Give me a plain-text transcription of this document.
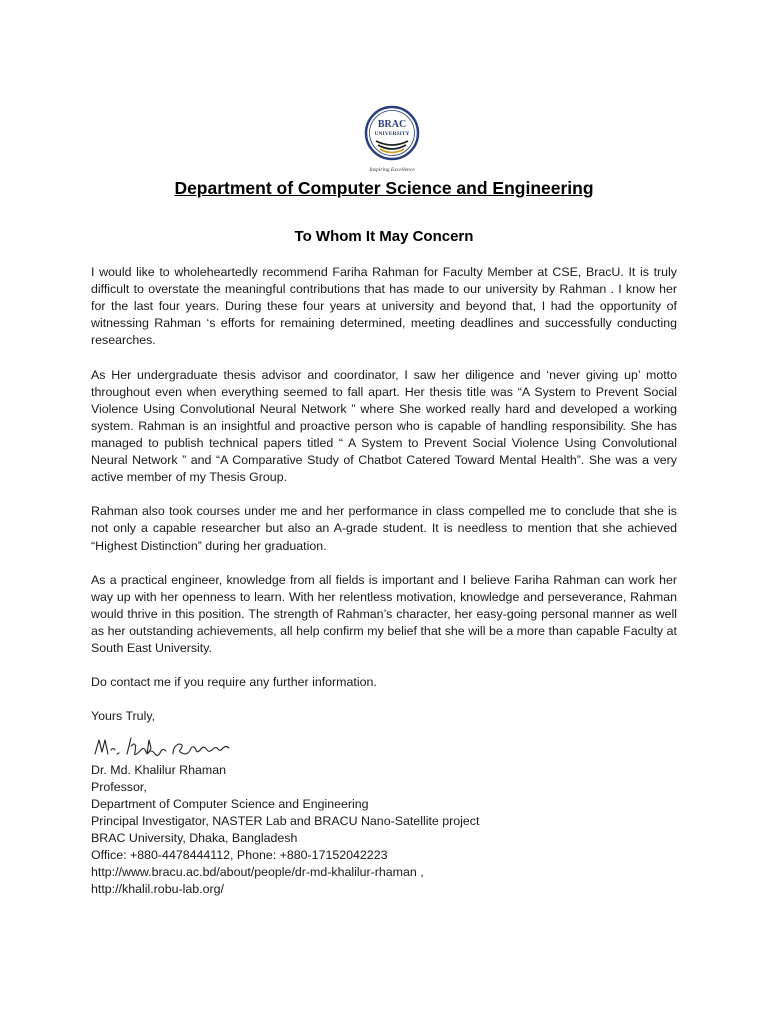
BRAC
UNIVERSITY
Inspiring Excellence
Department of Computer Science and Engineering
To Whom It May Concern

I would like to wholeheartedly recommend Fariha Rahman for Faculty Member at CSE, BracU. It is truly difficult to overstate the meaningful contributions that has made to our university by Rahman . I know her for the last four years. During these four years at university and beyond that, I had the opportunity of witnessing Rahman ‘s efforts for remaining determined, meeting deadlines and successfully conducting researches.

As Her undergraduate thesis advisor and coordinator, I saw her diligence and ‘never giving up’ motto throughout even when everything seemed to fall apart. Her thesis title was “A System to Prevent Social Violence Using Convolutional Neural Network ” where She worked really hard and developed a working system. Rahman is an insightful and proactive person who is capable of handling responsibility. She has managed to publish technical papers titled “ A System to Prevent Social Violence Using Convolutional Neural Network ” and “A Comparative Study of Chatbot Catered Toward Mental Health”. She was a very active member of my Thesis Group.

Rahman also took courses under me and her performance in class compelled me to conclude that she is not only a capable researcher but also an A-grade student. It is needless to mention that she achieved “Highest Distinction” during her graduation.

As a practical engineer, knowledge from all fields is important and I believe Fariha Rahman can work her way up with her openness to learn. With her relentless motivation, knowledge and perseverance, Rahman would thrive in this position. The strength of Rahman’s character, her easy-going personal manner as well as her outstanding achievements, all help confirm my belief that she will be a more than capable Faculty at South East University.

Do contact me if you require any further information.

Yours Truly,

Dr. Md. Khalilur Rhaman
Professor,
Department of Computer Science and Engineering
Principal Investigator, NASTER Lab and BRACU Nano-Satellite project
BRAC University, Dhaka, Bangladesh
Office: +880-4478444112, Phone: +880-17152042223
http://www.bracu.ac.bd/about/people/dr-md-khalilur-rhaman ,
http://khalil.robu-lab.org/
